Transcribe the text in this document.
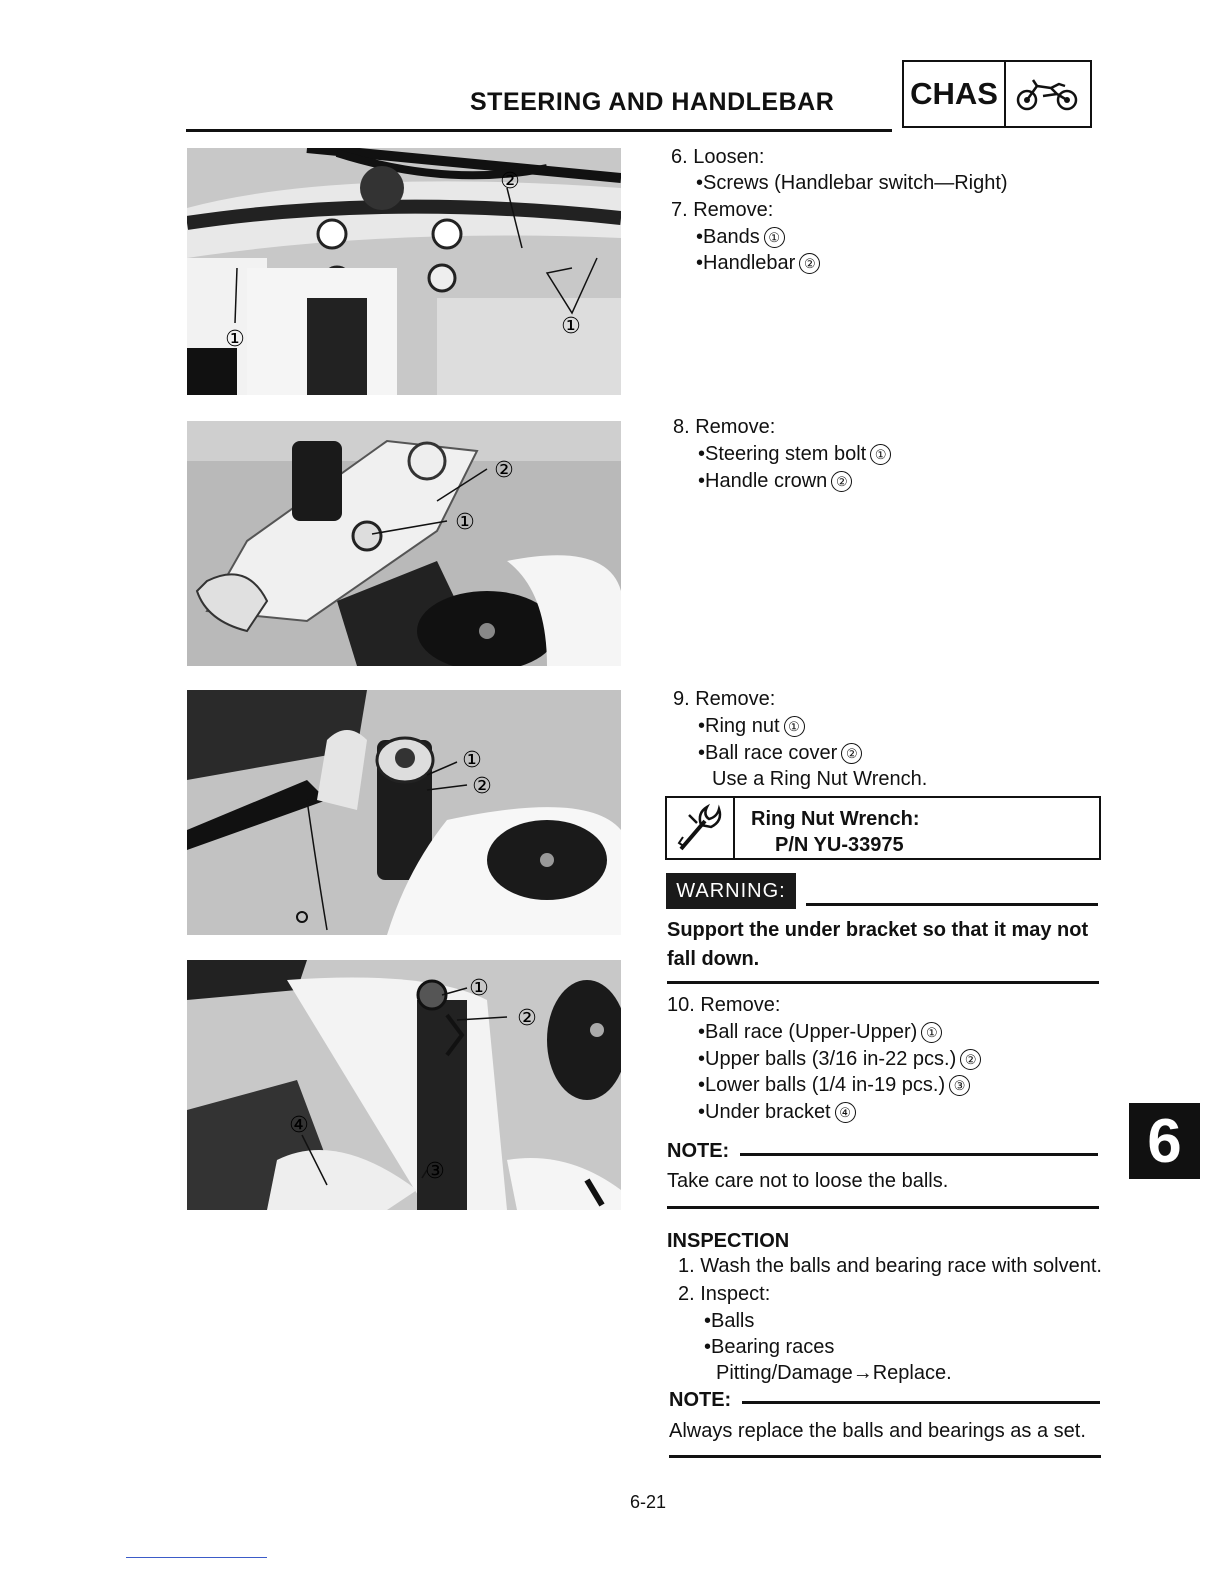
STEERING AND HANDLEBAR CHAS
②
①
①
②
①
①
②
①
②
④
③
6. Loosen:
•Screws (Handlebar switch—Right)
7. Remove:
•Bands ①
•Handlebar ②
8. Remove:
•Steering stem bolt ①
•Handle crown ②
9. Remove:
•Ring nut ①
•Ball race cover ②
Use a Ring Nut Wrench.
Ring Nut Wrench:
P/N YU-33975
WARNING:
Support the under bracket so that it may not fall down.
10. Remove:
•Ball race (Upper-Upper) ①
•Upper balls (3/16 in-22 pcs.) ②
•Lower balls (1/4 in-19 pcs.) ③
•Under bracket ④
NOTE:
Take care not to loose the balls.
INSPECTION
1. Wash the balls and bearing race with solvent.
2. Inspect:
•Balls
•Bearing races
Pitting/Damage→Replace.
NOTE:
Always replace the balls and bearings as a set.
6
6-21
